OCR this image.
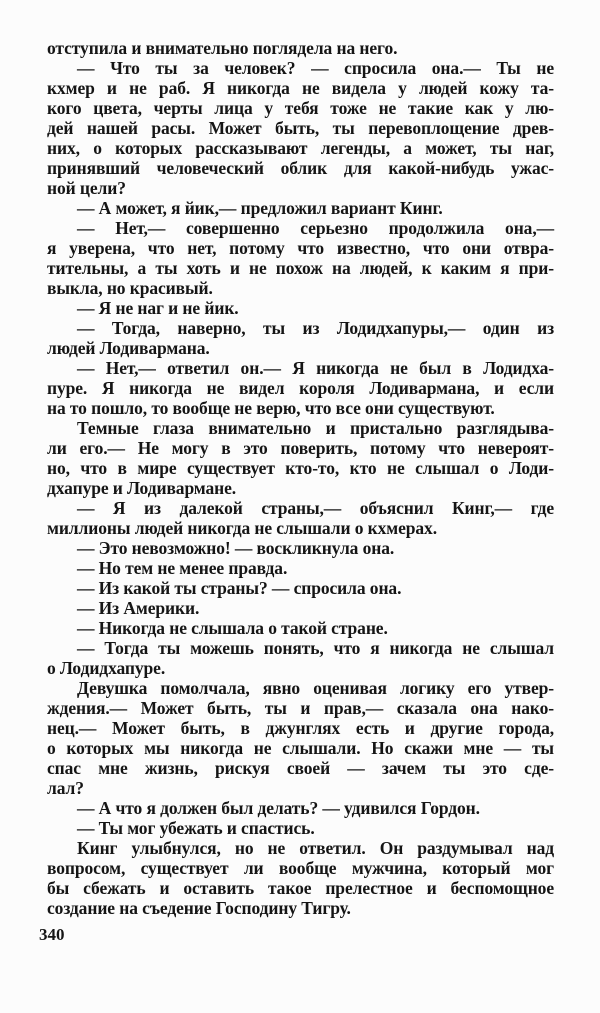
отступила и внимательно поглядела на него.
— Что ты за человек? — спросила она.— Ты не
кхмер и не раб. Я никогда не видела у людей кожу та-
кого цвета, черты лица у тебя тоже не такие как у лю-
дей нашей расы. Может быть, ты перевоплощение древ-
них, о которых рассказывают легенды, а может, ты наг,
принявший человеческий облик для какой-нибудь ужас-
ной цели?
— А может, я йик,— предложил вариант Кинг.
— Нет,— совершенно серьезно продолжила она,—
я уверена, что нет, потому что известно, что они отвра-
тительны, а ты хоть и не похож на людей, к каким я при-
выкла, но красивый.
— Я не наг и не йик.
— Тогда, наверно, ты из Лодидхапуры,— один из
людей Лодивармана.
— Нет,— ответил он.— Я никогда не был в Лодидха-
пуре. Я никогда не видел короля Лодивармана, и если
на то пошло, то вообще не верю, что все они существуют.
Темные глаза внимательно и пристально разглядыва-
ли его.— Не могу в это поверить, потому что невероят-
но, что в мире существует кто-то, кто не слышал о Лоди-
дхапуре и Лодивармане.
— Я из далекой страны,— объяснил Кинг,— где
миллионы людей никогда не слышали о кхмерах.
— Это невозможно! — воскликнула она.
— Но тем не менее правда.
— Из какой ты страны? — спросила она.
— Из Америки.
— Никогда не слышала о такой стране.
— Тогда ты можешь понять, что я никогда не слышал
о Лодидхапуре.
Девушка помолчала, явно оценивая логику его утвер-
ждения.— Может быть, ты и прав,— сказала она нако-
нец.— Может быть, в джунглях есть и другие города,
о которых мы никогда не слышали. Но скажи мне — ты
спас мне жизнь, рискуя своей — зачем ты это сде-
лал?
— А что я должен был делать? — удивился Гордон.
— Ты мог убежать и спастись.
Кинг улыбнулся, но не ответил. Он раздумывал над
вопросом, существует ли вообще мужчина, который мог
бы сбежать и оставить такое прелестное и беспомощное
создание на съедение Господину Тигру.
340
